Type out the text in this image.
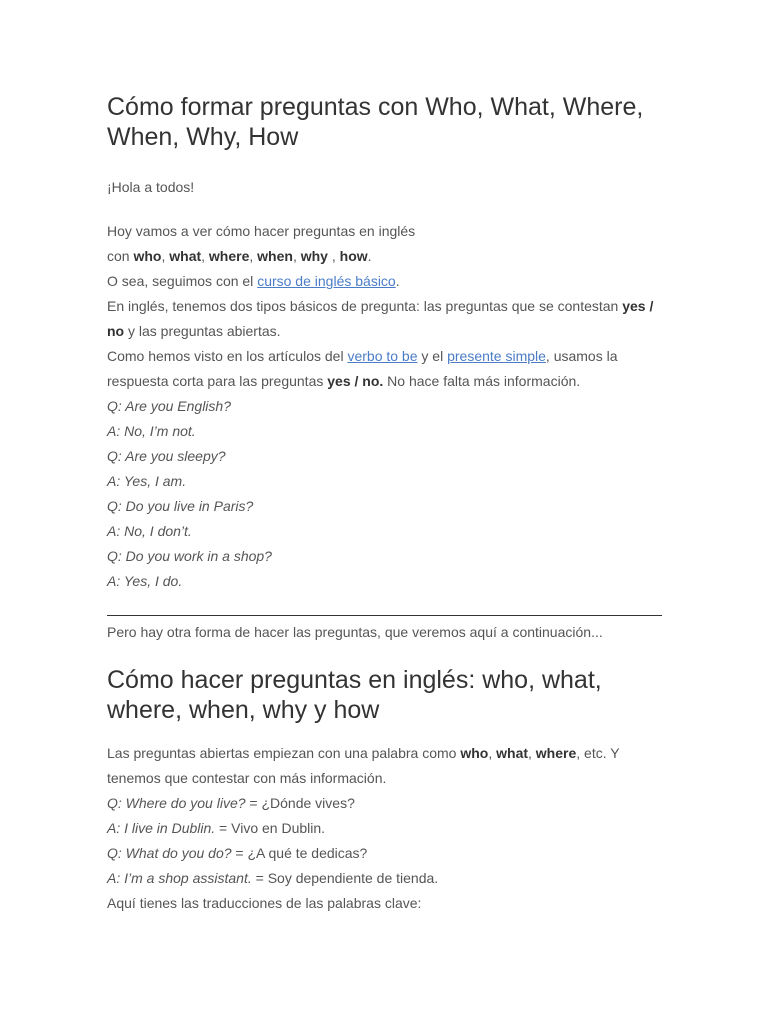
Cómo formar preguntas con Who, What, Where, When, Why, How

¡Hola a todos!

Hoy vamos a ver cómo hacer preguntas en inglés
con who, what, where, when, why , how.
O sea, seguimos con el curso de inglés básico.
En inglés, tenemos dos tipos básicos de pregunta: las preguntas que se contestan yes / no y las preguntas abiertas.
Como hemos visto en los artículos del verbo to be y el presente simple, usamos la respuesta corta para las preguntas yes / no. No hace falta más información.

Q: Are you English?

A: No, I’m not.

Q: Are you sleepy?

A: Yes, I am.

Q: Do you live in Paris?

A: No, I don’t.

Q: Do you work in a shop?

A: Yes, I do.

Pero hay otra forma de hacer las preguntas, que veremos aquí a continuación...

Cómo hacer preguntas en inglés: who, what, where, when, why y how

Las preguntas abiertas empiezan con una palabra como who, what, where, etc. Y tenemos que contestar con más información.

Q: Where do you live? = ¿Dónde vives?

A: I live in Dublin. = Vivo en Dublin.

Q: What do you do? = ¿A qué te dedicas?

A: I’m a shop assistant. = Soy dependiente de tienda.

Aquí tienes las traducciones de las palabras clave:
